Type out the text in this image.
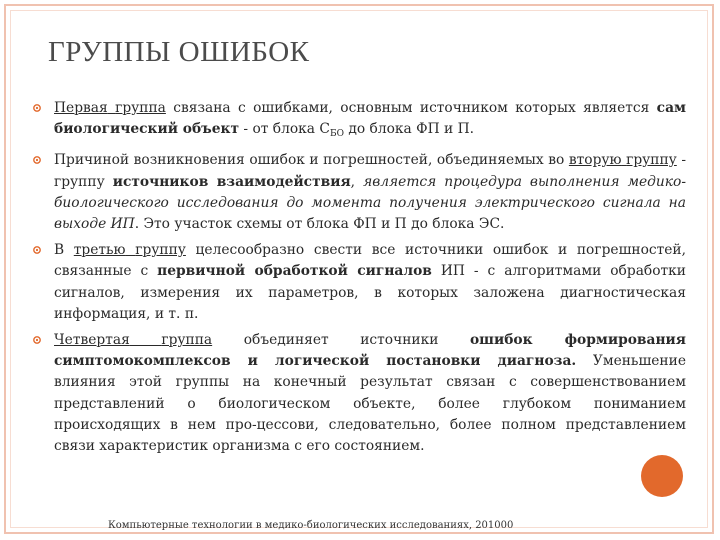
ГРУППЫ ОШИБОК
Первая группа связана с ошибками, основным источником которых является сам биологический объект - от блока $С_{БО}$ до блока ФП и П.
Причиной возникновения ошибок и погрешностей, объединяемых во вторую группу - группу источников взаимодействия, является процедура выполнения медико-биологического исследования до момента получения электрического сигнала на выходе ИП. Это участок схемы от блока ФП и П до блока ЭС.
В третью группу целесообразно свести все источники ошибок и погрешностей, связанные с первичной обработкой сигналов ИП - с алгоритмами обработки сигналов, измерения их параметров, в которых заложена диагностическая информация, и т. п.
Четвертая группа объединяет источники ошибок формирования симптомокомплексов и логической постановки диагноза. Уменьшение влияния этой группы на конечный результат связан с совершенствованием представлений о биологическом объекте, более глубоком пониманием происходящих в нем про-цессови, следовательно, более полном представлением связи характеристик организма с его состоянием.
Компьютерные технологии в медико-биологических исследованиях, 201000
